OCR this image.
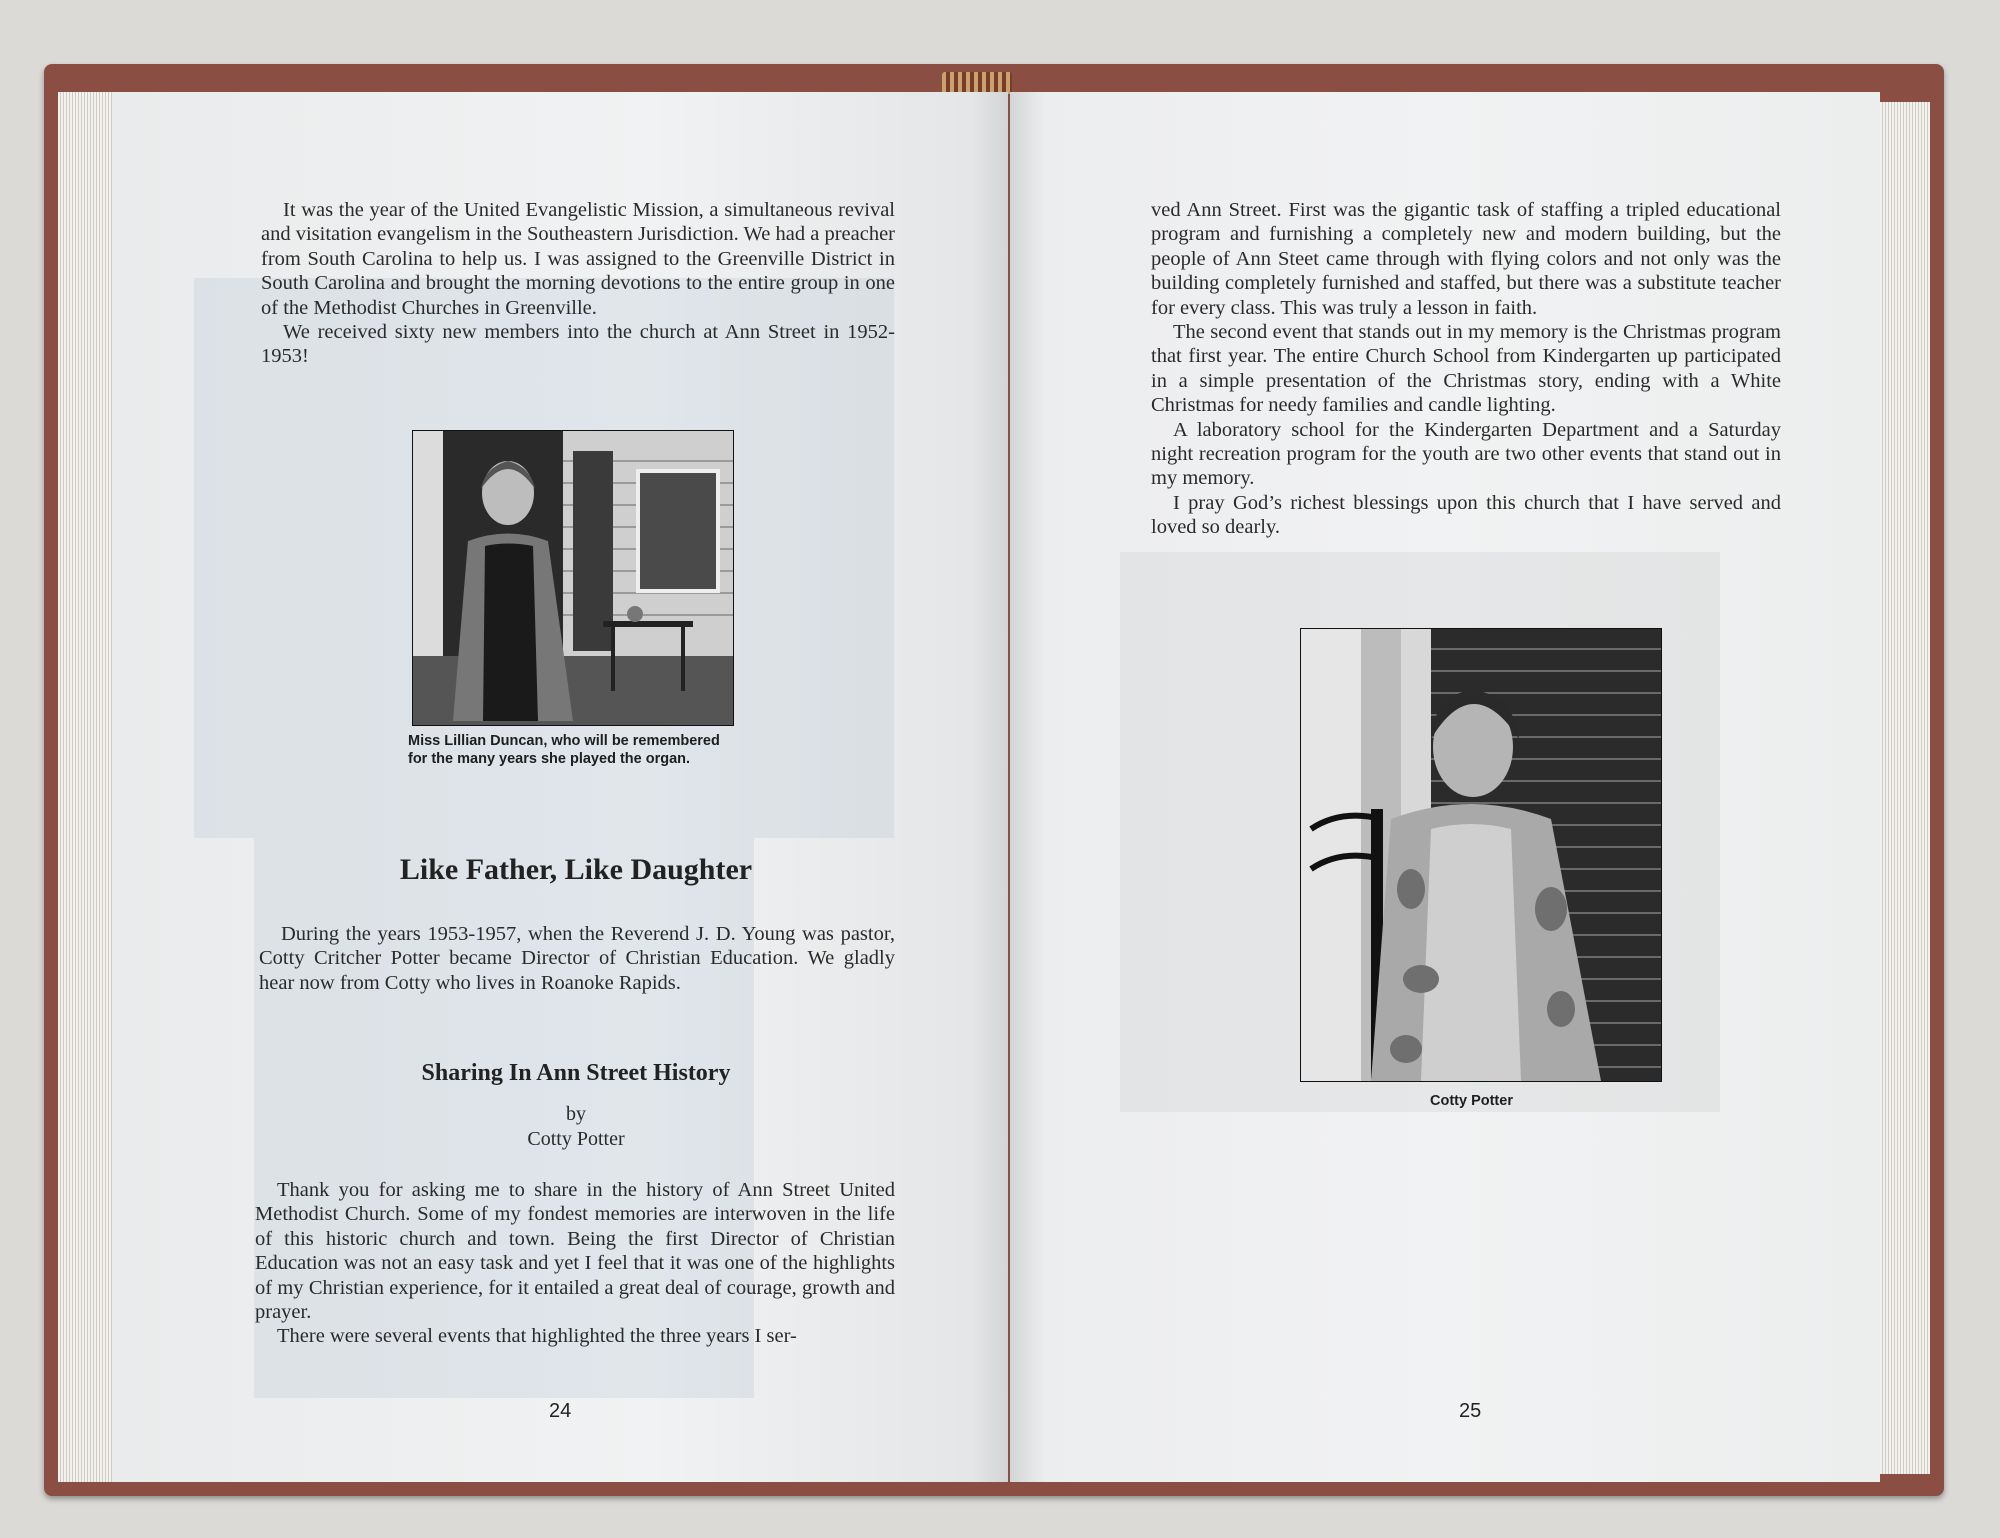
It was the year of the United Evangelistic Mission, a simultaneous revival and visitation evangelism in the Southeastern Jurisdiction. We had a preacher from South Carolina to help us. I was assigned to the Greenville District in South Carolina and brought the morning devotions to the entire group in one of the Methodist Churches in Greenville.

We received sixty new members into the church at Ann Street in 1952-1953!

Miss Lillian Duncan, who will be remembered for the many years she played the organ.
Like Father, Like Daughter

During the years 1953-1957, when the Reverend J. D. Young was pastor, Cotty Critcher Potter became Director of Christian Education. We gladly hear now from Cotty who lives in Roanoke Rapids.

Sharing In Ann Street History
by
Cotty Potter

Thank you for asking me to share in the history of Ann Street United Methodist Church. Some of my fondest memories are interwoven in the life of this historic church and town. Being the first Director of Christian Education was not an easy task and yet I feel that it was one of the highlights of my Christian experience, for it entailed a great deal of courage, growth and prayer.

There were several events that highlighted the three years I ser-

24

ved Ann Street. First was the gigantic task of staffing a tripled educational program and furnishing a completely new and modern building, but the people of Ann Steet came through with flying colors and not only was the building completely furnished and staffed, but there was a substitute teacher for every class. This was truly a lesson in faith.

The second event that stands out in my memory is the Christmas program that first year. The entire Church School from Kindergarten up participated in a simple presentation of the Christmas story, ending with a White Christmas for needy families and candle lighting.

A laboratory school for the Kindergarten Department and a Saturday night recreation program for the youth are two other events that stand out in my memory.

I pray God’s richest blessings upon this church that I have served and loved so dearly.

Cotty Potter
25
